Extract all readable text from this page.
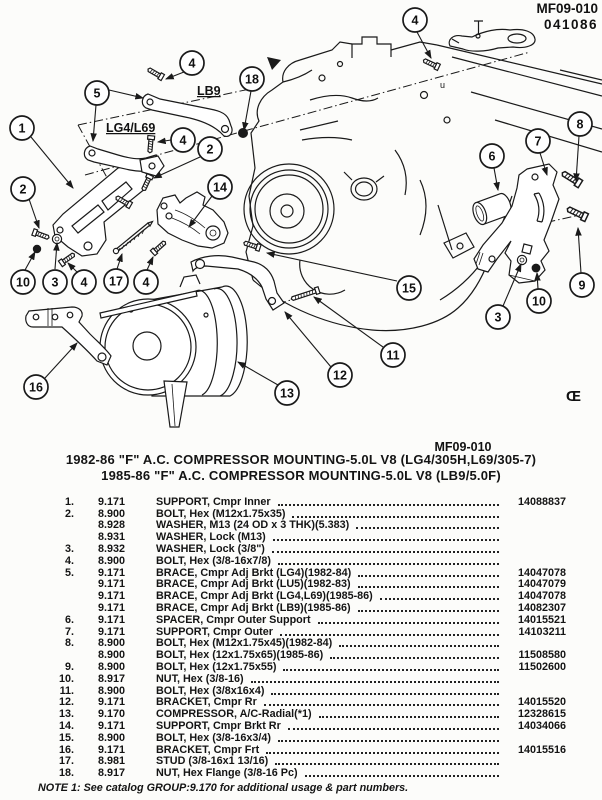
1
2
2
3
3
4
4
4
4	4
5
6
7
8
9
10
10
11
12
13
14
15
16
17
18
MF09-010
041086
LB9
LG4/L69
u
Œ
MF09-010
1982-86 "F" A.C. COMPRESSOR MOUNTING-5.0L V8 (LG4/305H,L69/305-7)
1985-86 "F" A.C. COMPRESSOR MOUNTING-5.0L V8 (LB9/5.0F)
1. 9.171	SUPPORT, Cmpr Inner	14088837
2. 8.900	BOLT, Hex (M12x1.75x35)
8.928	WASHER, M13 (24 OD x 3 THK)(5.383)
8.931	WASHER, Lock (M13)
3. 8.932	WASHER, Lock (3/8")
4. 8.900	BOLT, Hex (3/8-16x7/8)
5. 9.171	BRACE, Cmpr Adj Brkt (LG4)(1982-84)	14047078
9.171	BRACE, Cmpr Adj Brkt (LU5)(1982-83)	14047079
9.171	BRACE, Cmpr Adj Brkt (LG4,L69)(1985-86)	14047078
9.171	BRACE, Cmpr Adj Brkt (LB9)(1985-86)	14082307
6. 9.171	SPACER, Cmpr Outer Support	14015521
7. 9.171	SUPPORT, Cmpr Outer	14103211
8. 8.900	BOLT, Hex (M12x1.75x45)(1982-84)
8.900	BOLT, Hex (12x1.75x65)(1985-86)	11508580
9. 8.900	BOLT, Hex (12x1.75x55)	11502600
10. 8.917	NUT, Hex (3/8-16)
11. 8.900	BOLT, Hex (3/8x16x4)
12. 9.171	BRACKET, Cmpr Rr	14015520
13. 9.170	COMPRESSOR, A/C-Radial(*1)	12328615
14. 9.171	SUPPORT, Cmpr Brkt Rr	14034066
15. 8.900	BOLT, Hex (3/8-16x3/4)
16. 9.171	BRACKET, Cmpr Frt	14015516
17. 8.981	STUD (3/8-16x1 13/16)
18. 8.917	NUT, Hex Flange (3/8-16 Pc)
NOTE 1: See catalog GROUP:9.170 for additional usage & part numbers.
